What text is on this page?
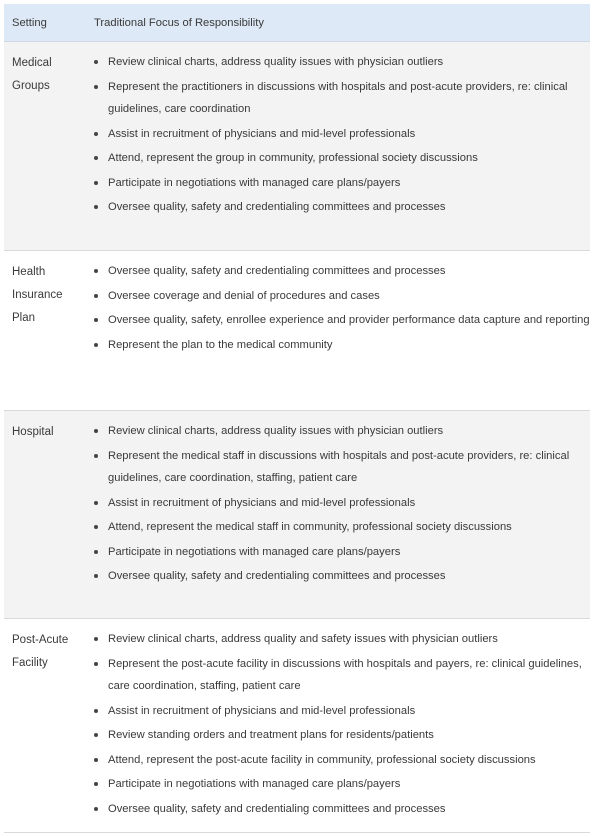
Setting	Traditional Focus of Responsibility
Medical
Groups
Review clinical charts, address quality issues with physician outliers
Represent the practitioners in discussions with hospitals and post-acute providers, re: clinical guidelines, care coordination
Assist in recruitment of physicians and mid-level professionals
Attend, represent the group in community, professional society discussions
Participate in negotiations with managed care plans/payers
Oversee quality, safety and credentialing committees and processes
Health
Insurance
Plan
Oversee quality, safety and credentialing committees and processes
Oversee coverage and denial of procedures and cases
Oversee quality, safety, enrollee experience and provider performance data capture and reporting
Represent the plan to the medical community
Hospital	Review clinical charts, address quality issues with physician outliers
Represent the medical staff in discussions with hospitals and post-acute providers, re: clinical guidelines, care coordination, staffing, patient care
Assist in recruitment of physicians and mid-level professionals
Attend, represent the medical staff in community, professional society discussions
Participate in negotiations with managed care plans/payers
Oversee quality, safety and credentialing committees and processes
Post-Acute
Facility
Review clinical charts, address quality and safety issues with physician outliers
Represent the post-acute facility in discussions with hospitals and payers, re: clinical guidelines, care coordination, staffing, patient care
Assist in recruitment of physicians and mid-level professionals
Review standing orders and treatment plans for residents/patients
Attend, represent the post-acute facility in community, professional society discussions
Participate in negotiations with managed care plans/payers
Oversee quality, safety and credentialing committees and processes
